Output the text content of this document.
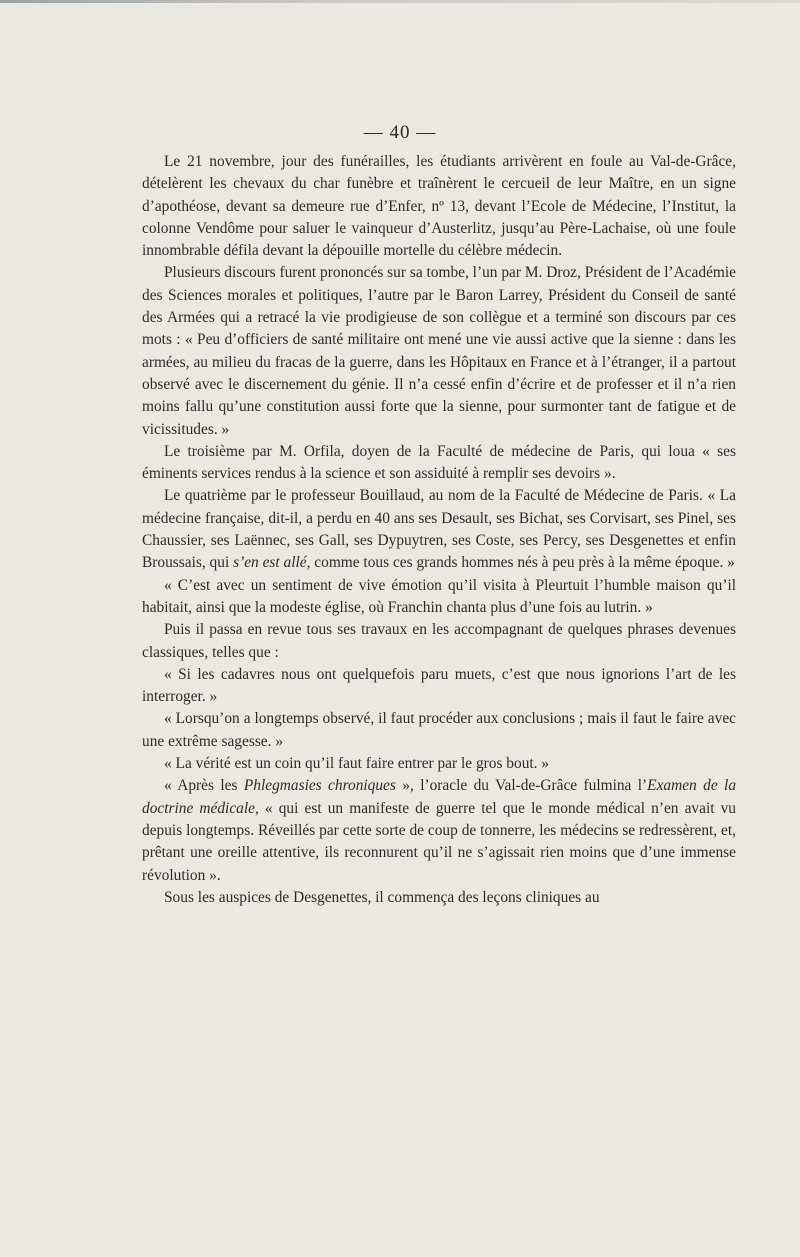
— 40 —

Le 21 novembre, jour des funérailles, les étudiants arrivèrent en foule au Val-de-Grâce, dételèrent les chevaux du char funèbre et traînèrent le cercueil de leur Maître, en un signe d’apothéose, devant sa demeure rue d’Enfer, nº 13, devant l’Ecole de Médecine, l’Institut, la colonne Vendôme pour saluer le vainqueur d’Austerlitz, jusqu’au Père-Lachaise, où une foule innombrable défila devant la dépouille mortelle du célèbre médecin.

Plusieurs discours furent prononcés sur sa tombe, l’un par M. Droz, Président de l’Académie des Sciences morales et politiques, l’autre par le Baron Larrey, Président du Conseil de santé des Armées qui a retracé la vie prodigieuse de son collègue et a terminé son discours par ces mots : « Peu d’officiers de santé militaire ont mené une vie aussi active que la sienne : dans les armées, au milieu du fracas de la guerre, dans les Hôpitaux en France et à l’étranger, il a partout observé avec le discernement du génie. Il n’a cessé enfin d’écrire et de professer et il n’a rien moins fallu qu’une constitution aussi forte que la sienne, pour surmonter tant de fatigue et de vicissitudes. »

Le troisième par M. Orfila, doyen de la Faculté de médecine de Paris, qui loua « ses éminents services rendus à la science et son assiduité à remplir ses devoirs ».

Le quatrième par le professeur Bouillaud, au nom de la Faculté de Médecine de Paris. « La médecine française, dit-il, a perdu en 40 ans ses Desault, ses Bichat, ses Corvisart, ses Pinel, ses Chaussier, ses Laënnec, ses Gall, ses Dypuytren, ses Coste, ses Percy, ses Desgenettes et enfin Broussais, qui s’en est allé, comme tous ces grands hommes nés à peu près à la même époque. »

« C’est avec un sentiment de vive émotion qu’il visita à Pleurtuit l’humble maison qu’il habitait, ainsi que la modeste église, où Franchin chanta plus d’une fois au lutrin. »

Puis il passa en revue tous ses travaux en les accompagnant de quelques phrases devenues classiques, telles que :

« Si les cadavres nous ont quelquefois paru muets, c’est que nous ignorions l’art de les interroger. »

« Lorsqu’on a longtemps observé, il faut procéder aux conclusions ; mais il faut le faire avec une extrême sagesse. »

« La vérité est un coin qu’il faut faire entrer par le gros bout. »

« Après les Phlegmasies chroniques », l’oracle du Val-de-Grâce fulmina l’Examen de la doctrine médicale, « qui est un manifeste de guerre tel que le monde médical n’en avait vu depuis longtemps. Réveillés par cette sorte de coup de tonnerre, les médecins se redressèrent, et, prêtant une oreille attentive, ils reconnurent qu’il ne s’agissait rien moins que d’une immense révolution ».

Sous les auspices de Desgenettes, il commença des leçons cliniques au
